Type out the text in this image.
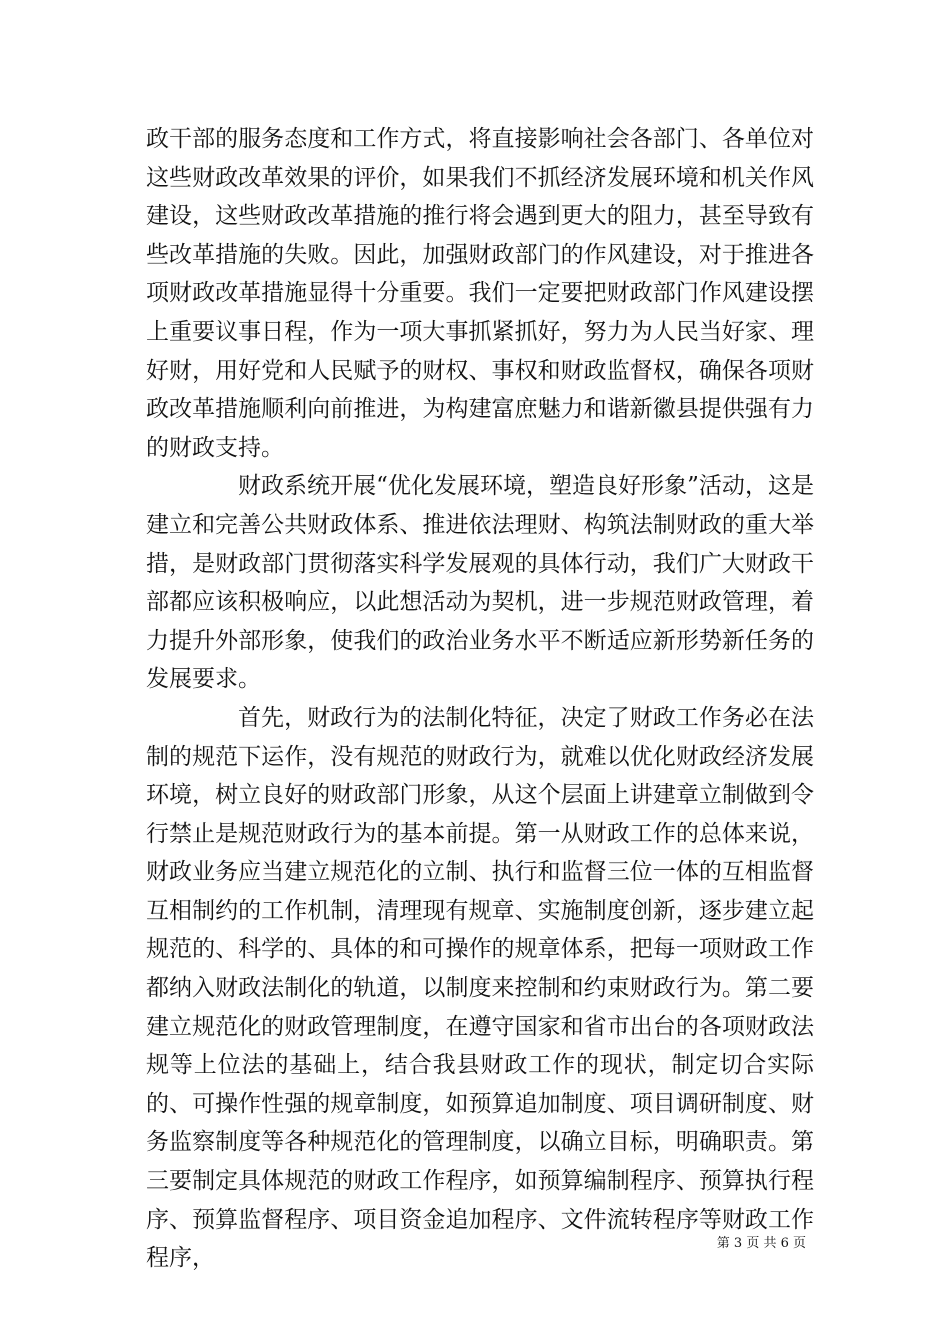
政干部的服务态度和工作方式，将直接影响社会各部门、各单位对这些财政改革效果的评价，如果我们不抓经济发展环境和机关作风建设，这些财政改革措施的推行将会遇到更大的阻力，甚至导致有些改革措施的失败。因此，加强财政部门的作风建设，对于推进各项财政改革措施显得十分重要。我们一定要把财政部门作风建设摆上重要议事日程，作为一项大事抓紧抓好，努力为人民当好家、理好财，用好党和人民赋予的财权、事权和财政监督权，确保各项财政改革措施顺利向前推进，为构建富庶魅力和谐新徽县提供强有力的财政支持。

财政系统开展“优化发展环境，塑造良好形象”活动，这是建立和完善公共财政体系、推进依法理财、构筑法制财政的重大举措，是财政部门贯彻落实科学发展观的具体行动，我们广大财政干部都应该积极响应，以此想活动为契机，进一步规范财政管理，着力提升外部形象，使我们的政治业务水平不断适应新形势新任务的发展要求。

首先，财政行为的法制化特征，决定了财政工作务必在法制的规范下运作，没有规范的财政行为，就难以优化财政经济发展环境，树立良好的财政部门形象，从这个层面上讲建章立制做到令行禁止是规范财政行为的基本前提。第一从财政工作的总体来说，财政业务应当建立规范化的立制、执行和监督三位一体的互相监督互相制约的工作机制，清理现有规章、实施制度创新，逐步建立起规范的、科学的、具体的和可操作的规章体系，把每一项财政工作都纳入财政法制化的轨道，以制度来控制和约束财政行为。第二要建立规范化的财政管理制度，在遵守国家和省市出台的各项财政法规等上位法的基础上，结合我县财政工作的现状，制定切合实际的、可操作性强的规章制度，如预算追加制度、项目调研制度、财务监察制度等各种规范化的管理制度，以确立目标，明确职责。第三要制定具体规范的财政工作程序，如预算编制程序、预算执行程序、预算监督程序、项目资金追加程序、文件流转程序等财政工作程序，

第 3 页 共 6 页
